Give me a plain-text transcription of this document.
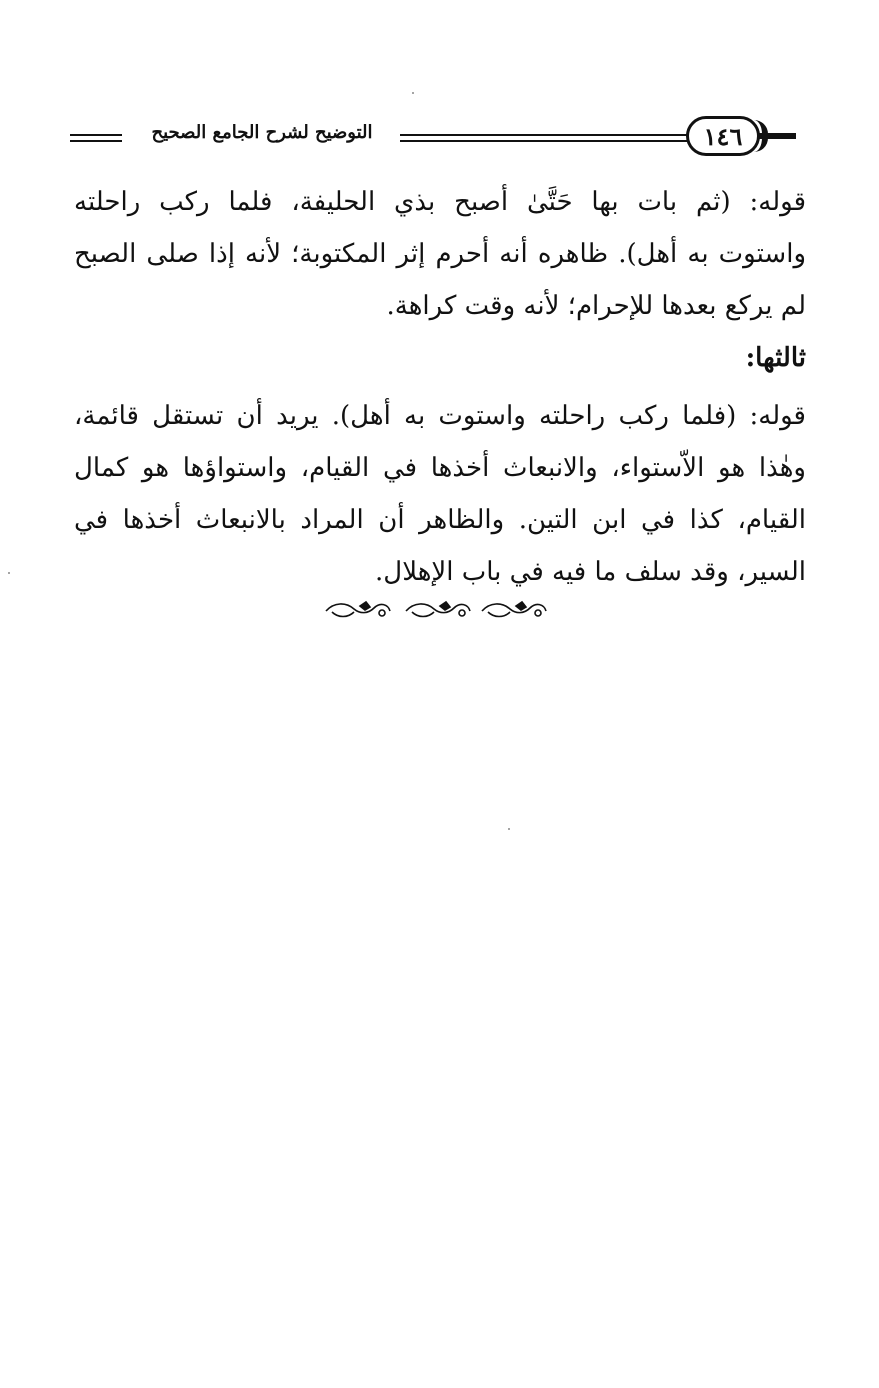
التوضيح لشرح الجامع الصحيح	١٤٦
قوله: (ثم بات بها حَتَّىٰ أصبح بذي الحليفة، فلما ركب راحلته
واستوت به أهل). ظاهره أنه أحرم إثر المكتوبة؛ لأنه إذا صلى الصبح
لم يركع بعدها للإحرام؛ لأنه وقت كراهة.
ثالثها:
قوله: (فلما ركب راحلته واستوت به أهل). يريد أن تستقل قائمة،
وهٰذا هو الاّستواء، والانبعاث أخذها في القيام، واستواؤها هو كمال
القيام، كذا في ابن التين. والظاهر أن المراد بالانبعاث أخذها في
السير، وقد سلف ما فيه في باب الإهلال.
